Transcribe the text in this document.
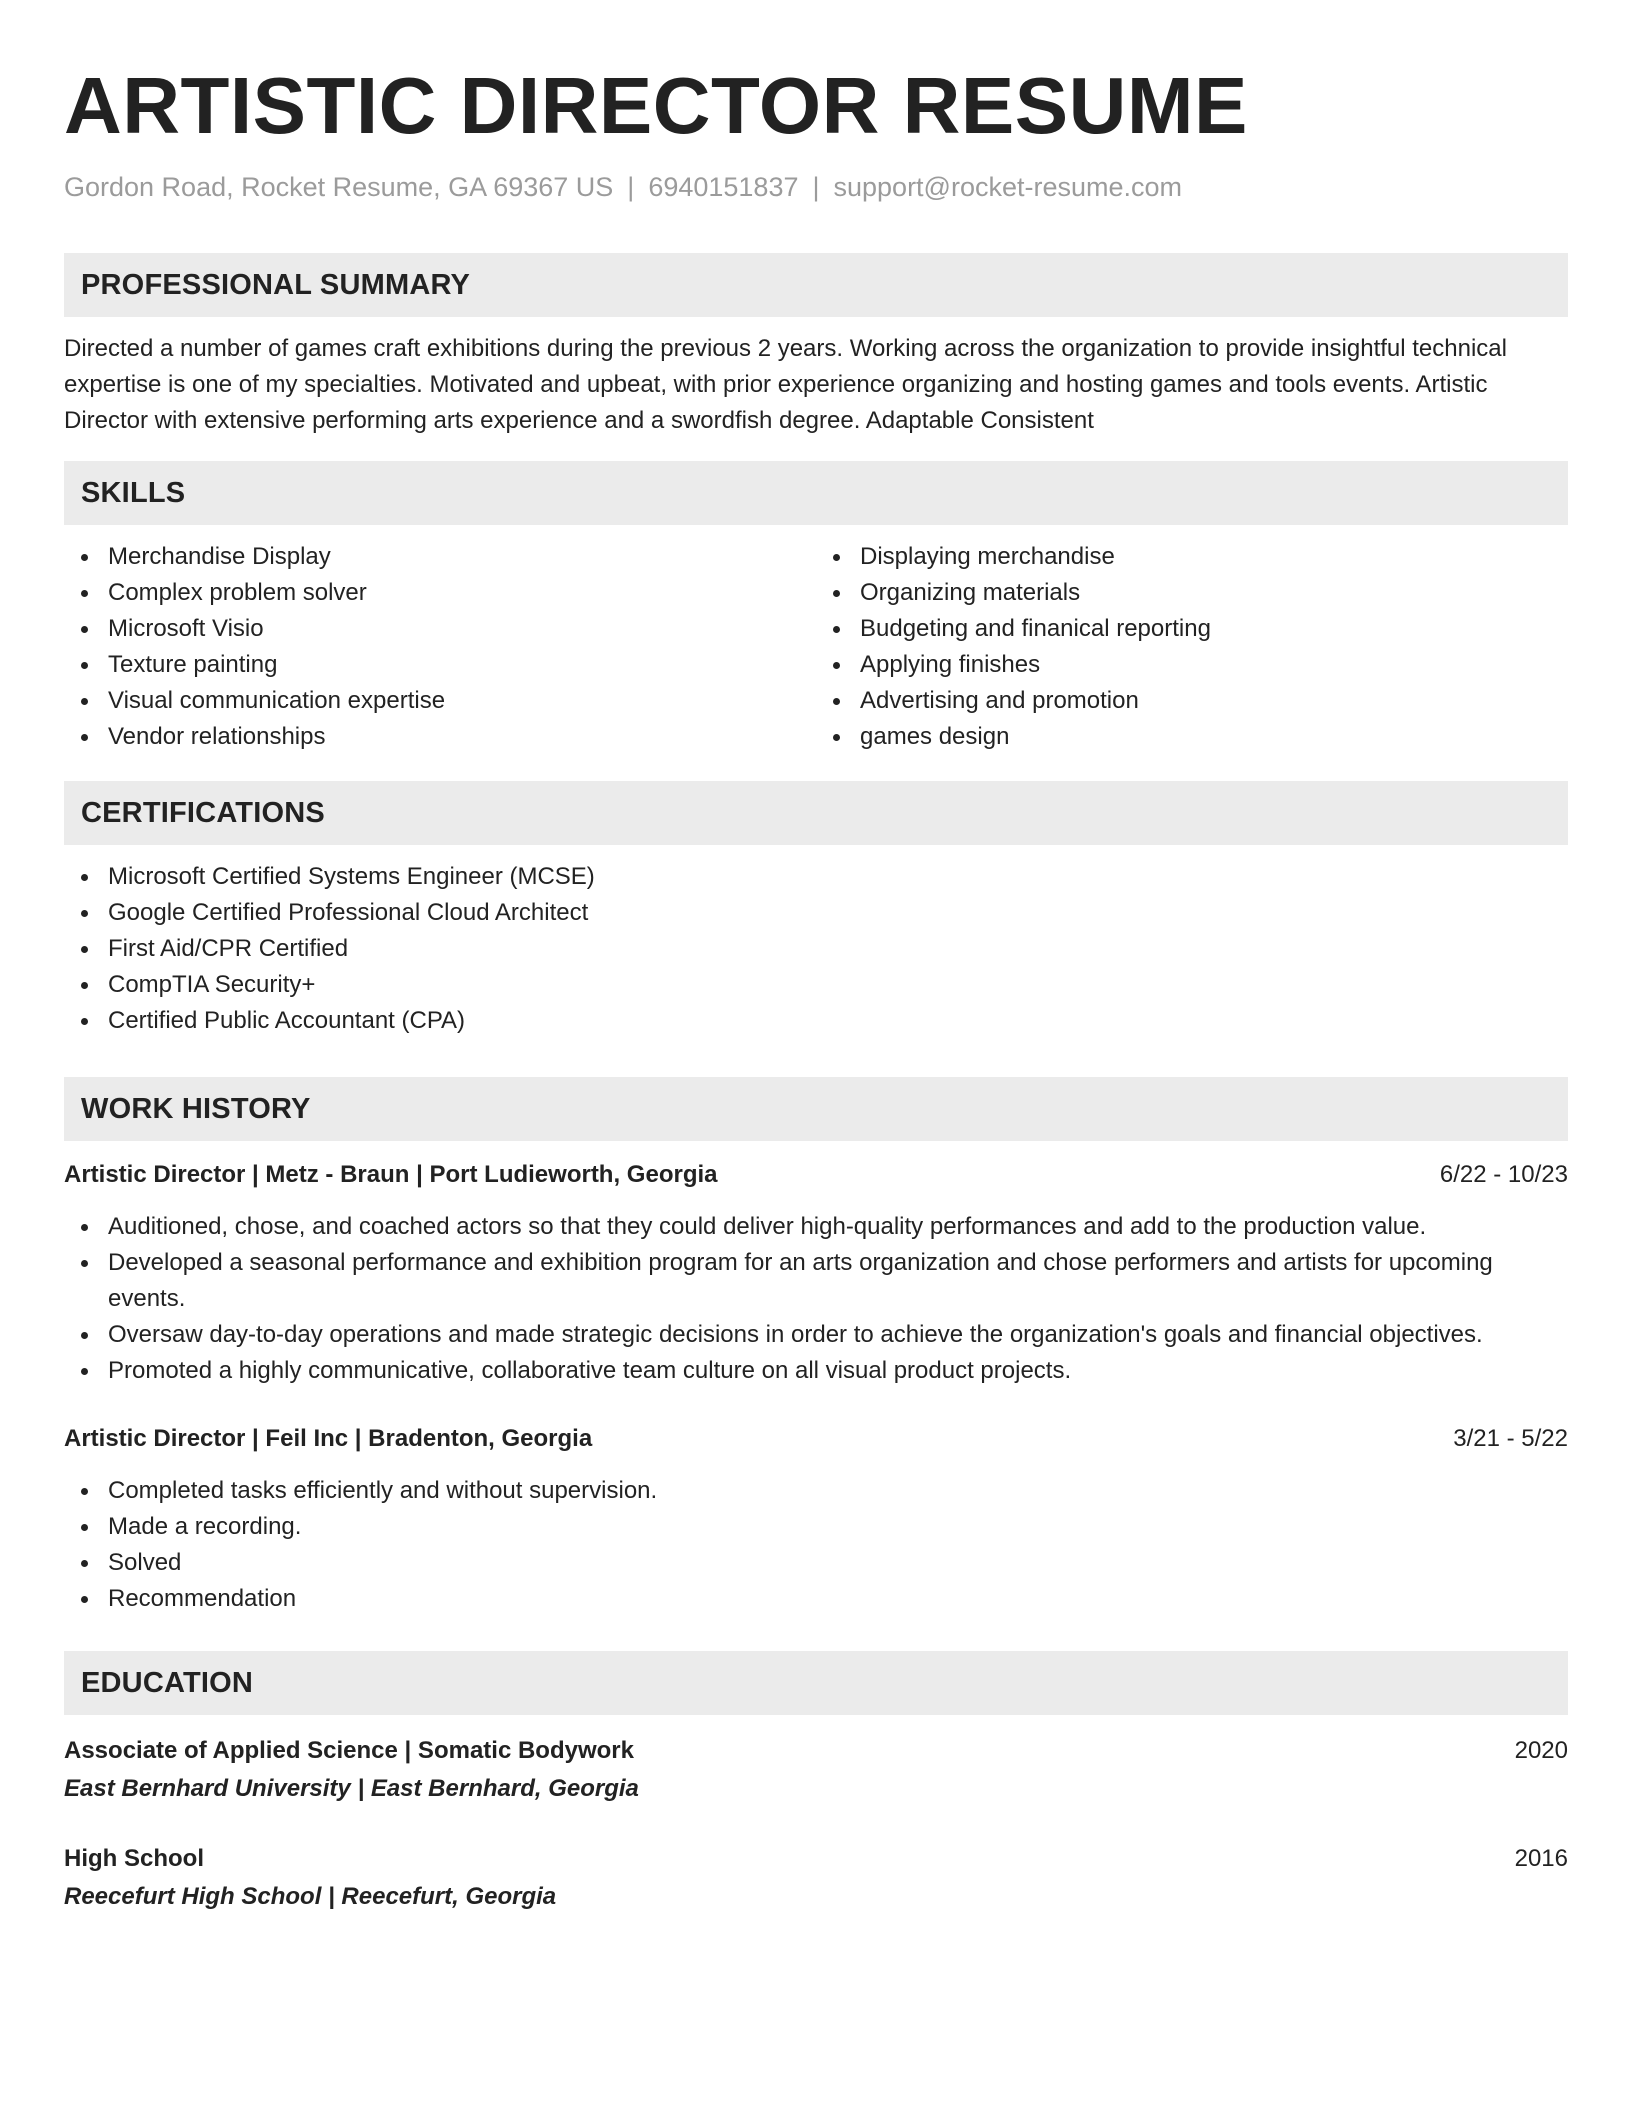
ARTISTIC DIRECTOR RESUME
Gordon Road, Rocket Resume, GA 69367 US | 6940151837 | support@rocket-resume.com
PROFESSIONAL SUMMARY

Directed a number of games craft exhibitions during the previous 2 years. Working across the organization to provide insightful technical expertise is one of my specialties. Motivated and upbeat, with prior experience organizing and hosting games and tools events. Artistic Director with extensive performing arts experience and a swordfish degree. Adaptable Consistent

SKILLS
Merchandise Display
Complex problem solver
Microsoft Visio
Texture painting
Visual communication expertise
Vendor relationships
Displaying merchandise
Organizing materials
Budgeting and finanical reporting
Applying finishes
Advertising and promotion
games design
CERTIFICATIONS
Microsoft Certified Systems Engineer (MCSE)
Google Certified Professional Cloud Architect
First Aid/CPR Certified
CompTIA Security+
Certified Public Accountant (CPA)
WORK HISTORY
Artistic Director | Metz - Braun | Port Ludieworth, Georgia	6/22 - 10/23
Auditioned, chose, and coached actors so that they could deliver high-quality performances and add to the production value.
Developed a seasonal performance and exhibition program for an arts organization and chose performers and artists for upcoming events.
Oversaw day-to-day operations and made strategic decisions in order to achieve the organization's goals and financial objectives.
Promoted a highly communicative, collaborative team culture on all visual product projects.
Artistic Director | Feil Inc | Bradenton, Georgia	3/21 - 5/22
Completed tasks efficiently and without supervision.
Made a recording.
Solved
Recommendation
EDUCATION
Associate of Applied Science | Somatic Bodywork	2020
East Bernhard University | East Bernhard, Georgia
High School	2016
Reecefurt High School | Reecefurt, Georgia
